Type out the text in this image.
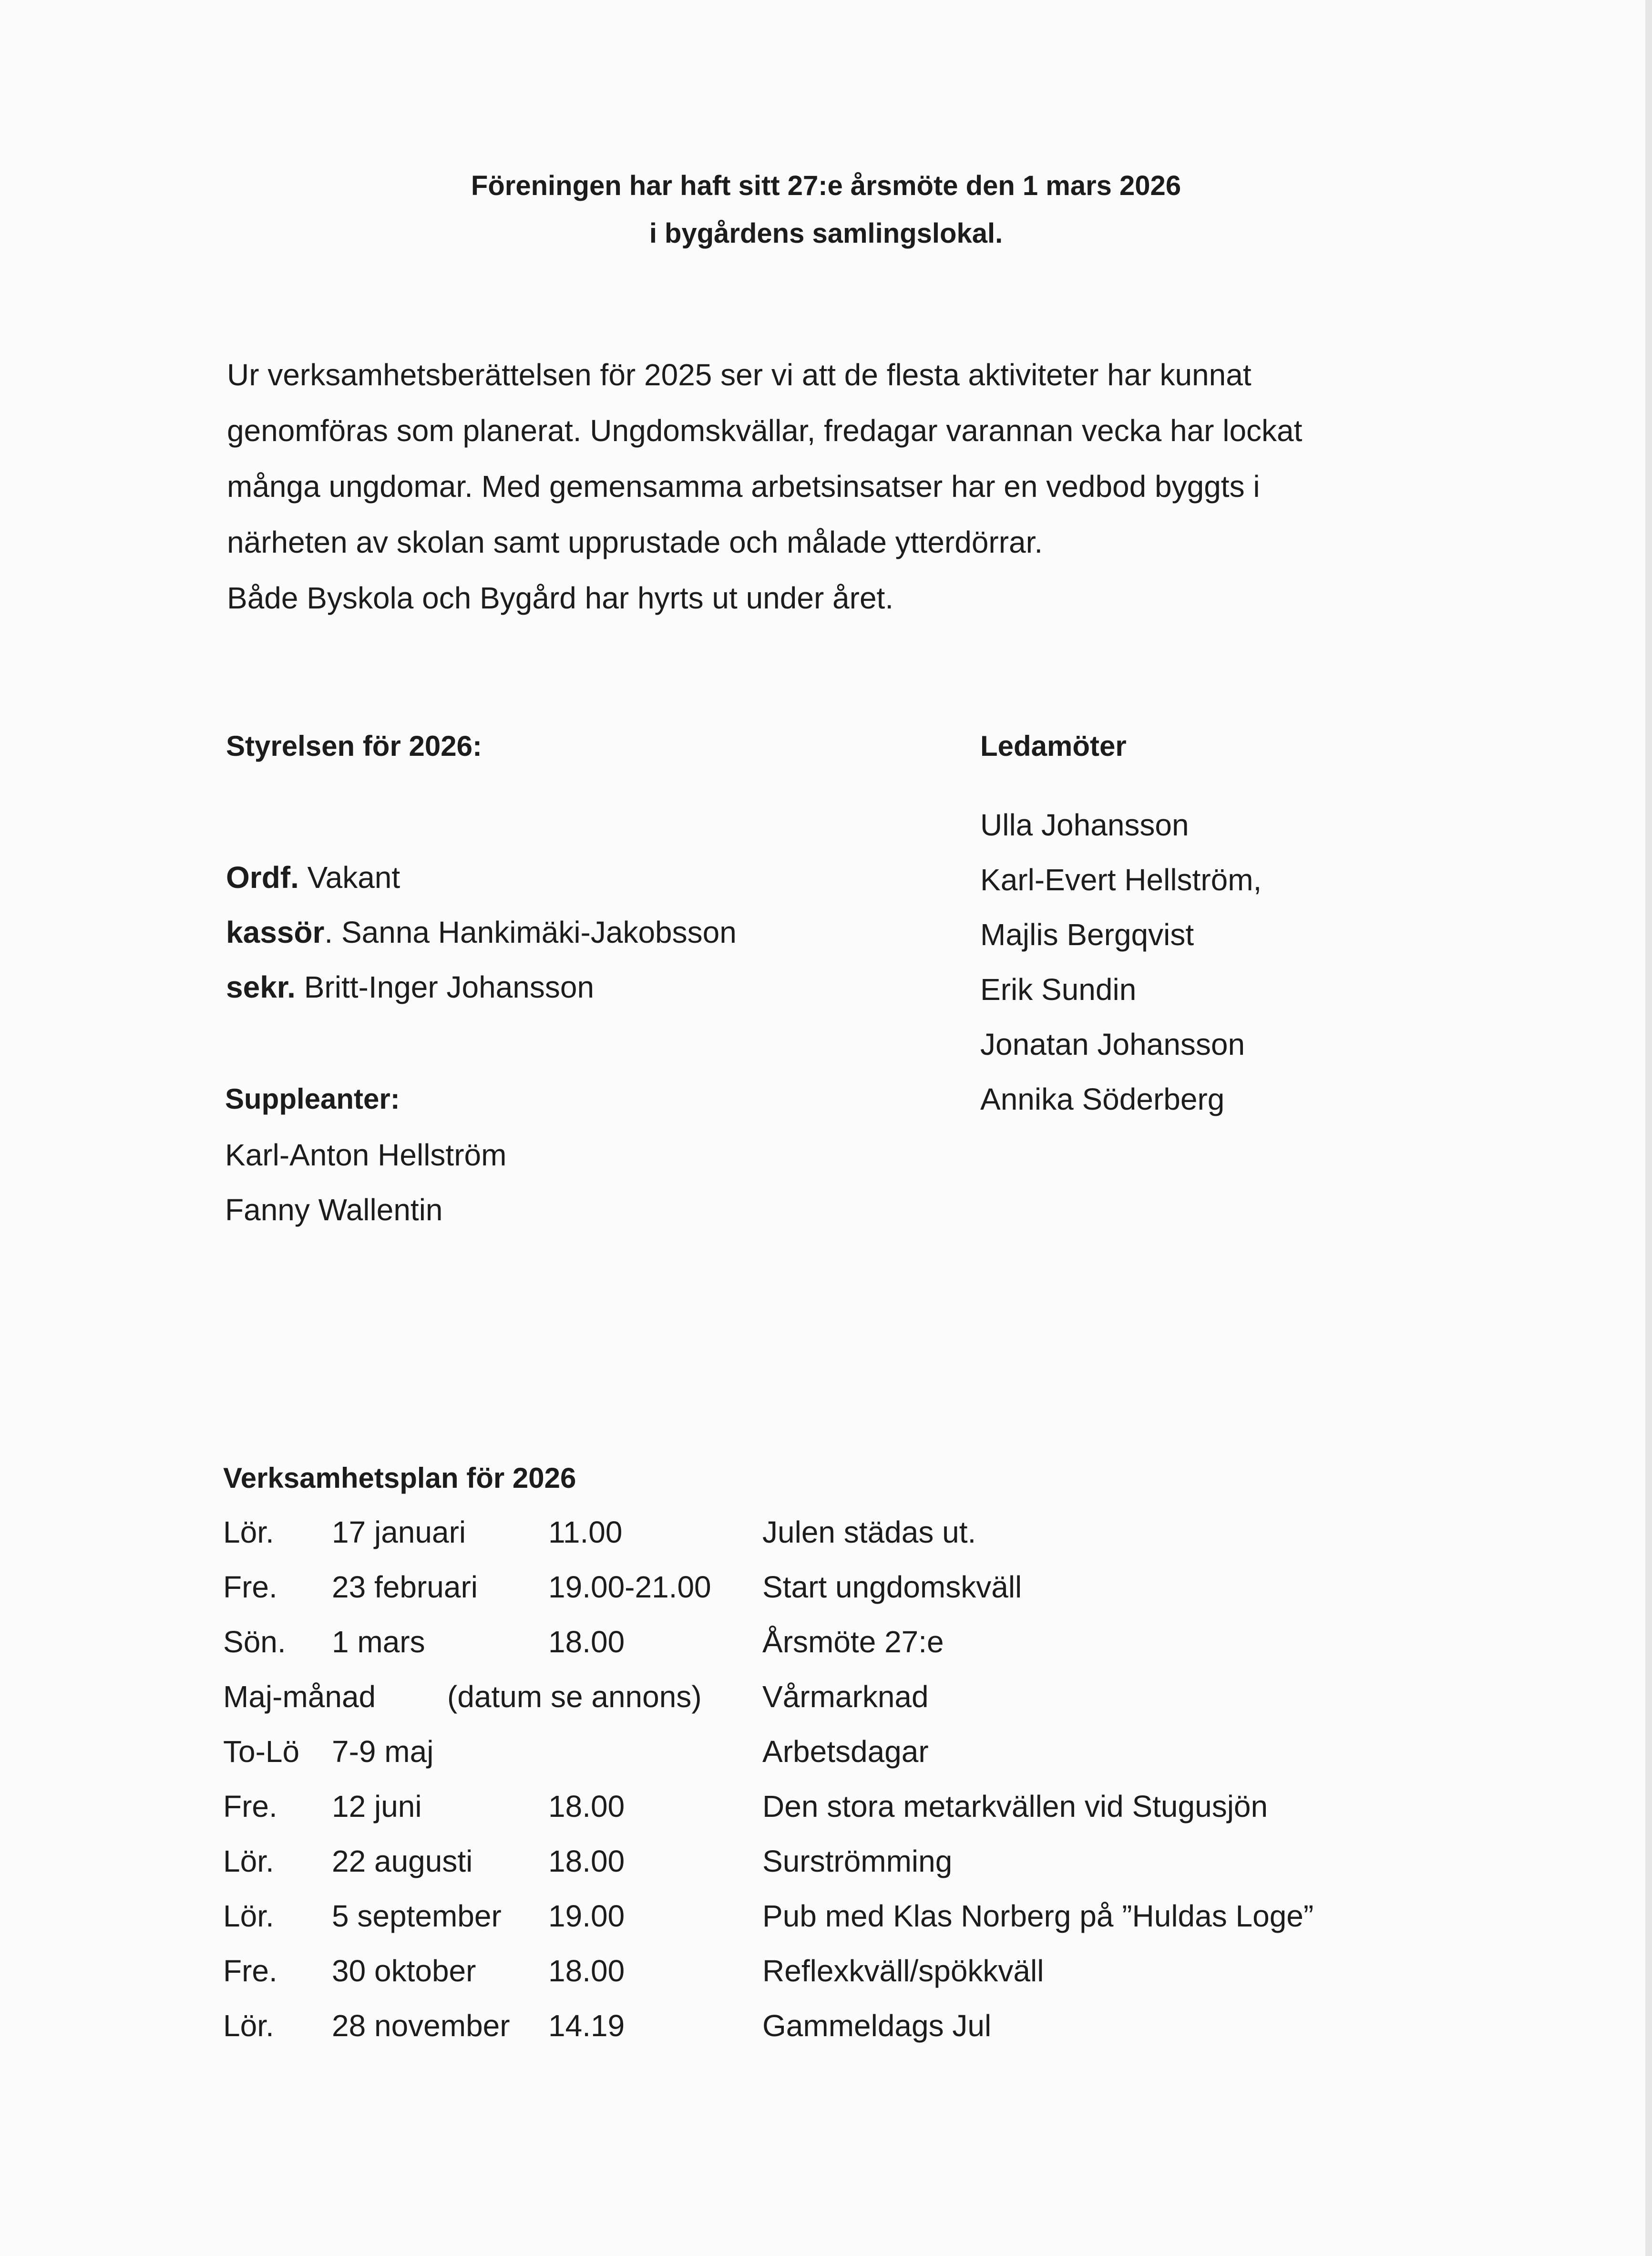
Föreningen har haft sitt 27:e årsmöte den 1 mars 2026
i bygårdens samlingslokal.
Ur verksamhetsberättelsen för 2025 ser vi att de flesta aktiviteter har kunnat
genomföras som planerat. Ungdomskvällar, fredagar varannan vecka har lockat
många ungdomar. Med gemensamma arbetsinsatser har en vedbod byggts i
närheten av skolan samt upprustade och målade ytterdörrar.
Både Byskola och Bygård har hyrts ut under året.
Styrelsen för 2026:
Ordf. Vakant
kassör. Sanna Hankimäki-Jakobsson
sekr. Britt-Inger Johansson
Suppleanter:
Karl-Anton Hellström
Fanny Wallentin
Ledamöter
Ulla Johansson
Karl-Evert Hellström,
Majlis Bergqvist
Erik Sundin
Jonatan Johansson
Annika Söderberg
Verksamhetsplan för 2026
Lör. 17 januari	11.00	Julen städas ut.
Fre. 23 februari 19.00-21.00 Start ungdomskväll
Sön. 1 mars	18.00	Årsmöte 27:e
Maj-månad (datum se annons) Vårmarknad
To-Lö 7-9 maj	Arbetsdagar
Fre. 12 juni	18.00	Den stora metarkvällen vid Stugusjön
Lör. 22 augusti 18.00	Surströmming
Lör. 5 september 19.00	Pub med Klas Norberg på ”Huldas Loge”
Fre. 30 oktober 18.00	Reflexkväll/spökkväll
Lör. 28 november 14.19	Gammeldags Jul
